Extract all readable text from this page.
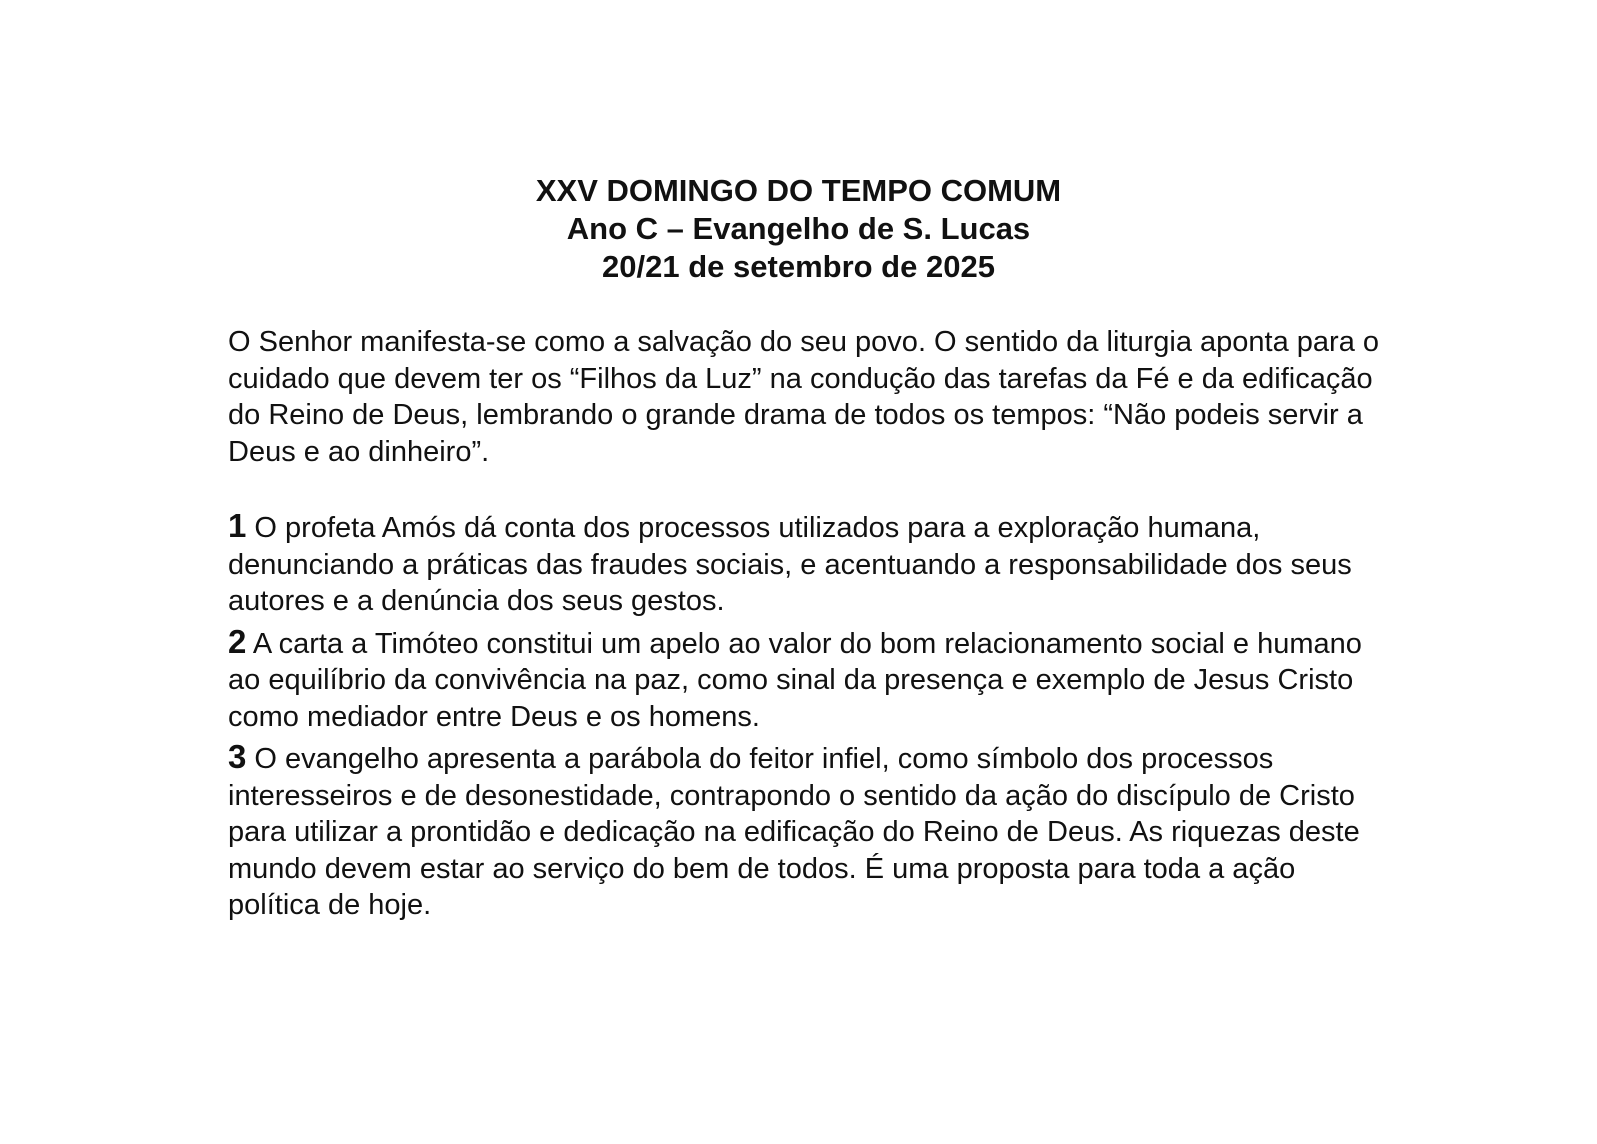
XXV DOMINGO DO TEMPO COMUM
Ano C – Evangelho de S. Lucas
20/21 de setembro de 2025

O Senhor manifesta-se como a salvação do seu povo. O sentido da liturgia aponta para o cuidado que devem ter os “Filhos da Luz” na condução das tarefas da Fé e da edificação do Reino de Deus, lembrando o grande drama de todos os tempos: “Não podeis servir a Deus e ao dinheiro”.

1 O profeta Amós dá conta dos processos utilizados para a exploração humana, denunciando a práticas das fraudes sociais, e acentuando a responsabilidade dos seus autores e a denúncia dos seus gestos.

2 A carta a Timóteo constitui um apelo ao valor do bom relacionamento social e humano ao equilíbrio da convivência na paz, como sinal da presença e exemplo de Jesus Cristo como mediador entre Deus e os homens.

3 O evangelho apresenta a parábola do feitor infiel, como símbolo dos processos interesseiros e de desonestidade, contrapondo o sentido da ação do discípulo de Cristo para utilizar a prontidão e dedicação na edificação do Reino de Deus. As riquezas deste mundo devem estar ao serviço do bem de todos. É uma proposta para toda a ação política de hoje.
